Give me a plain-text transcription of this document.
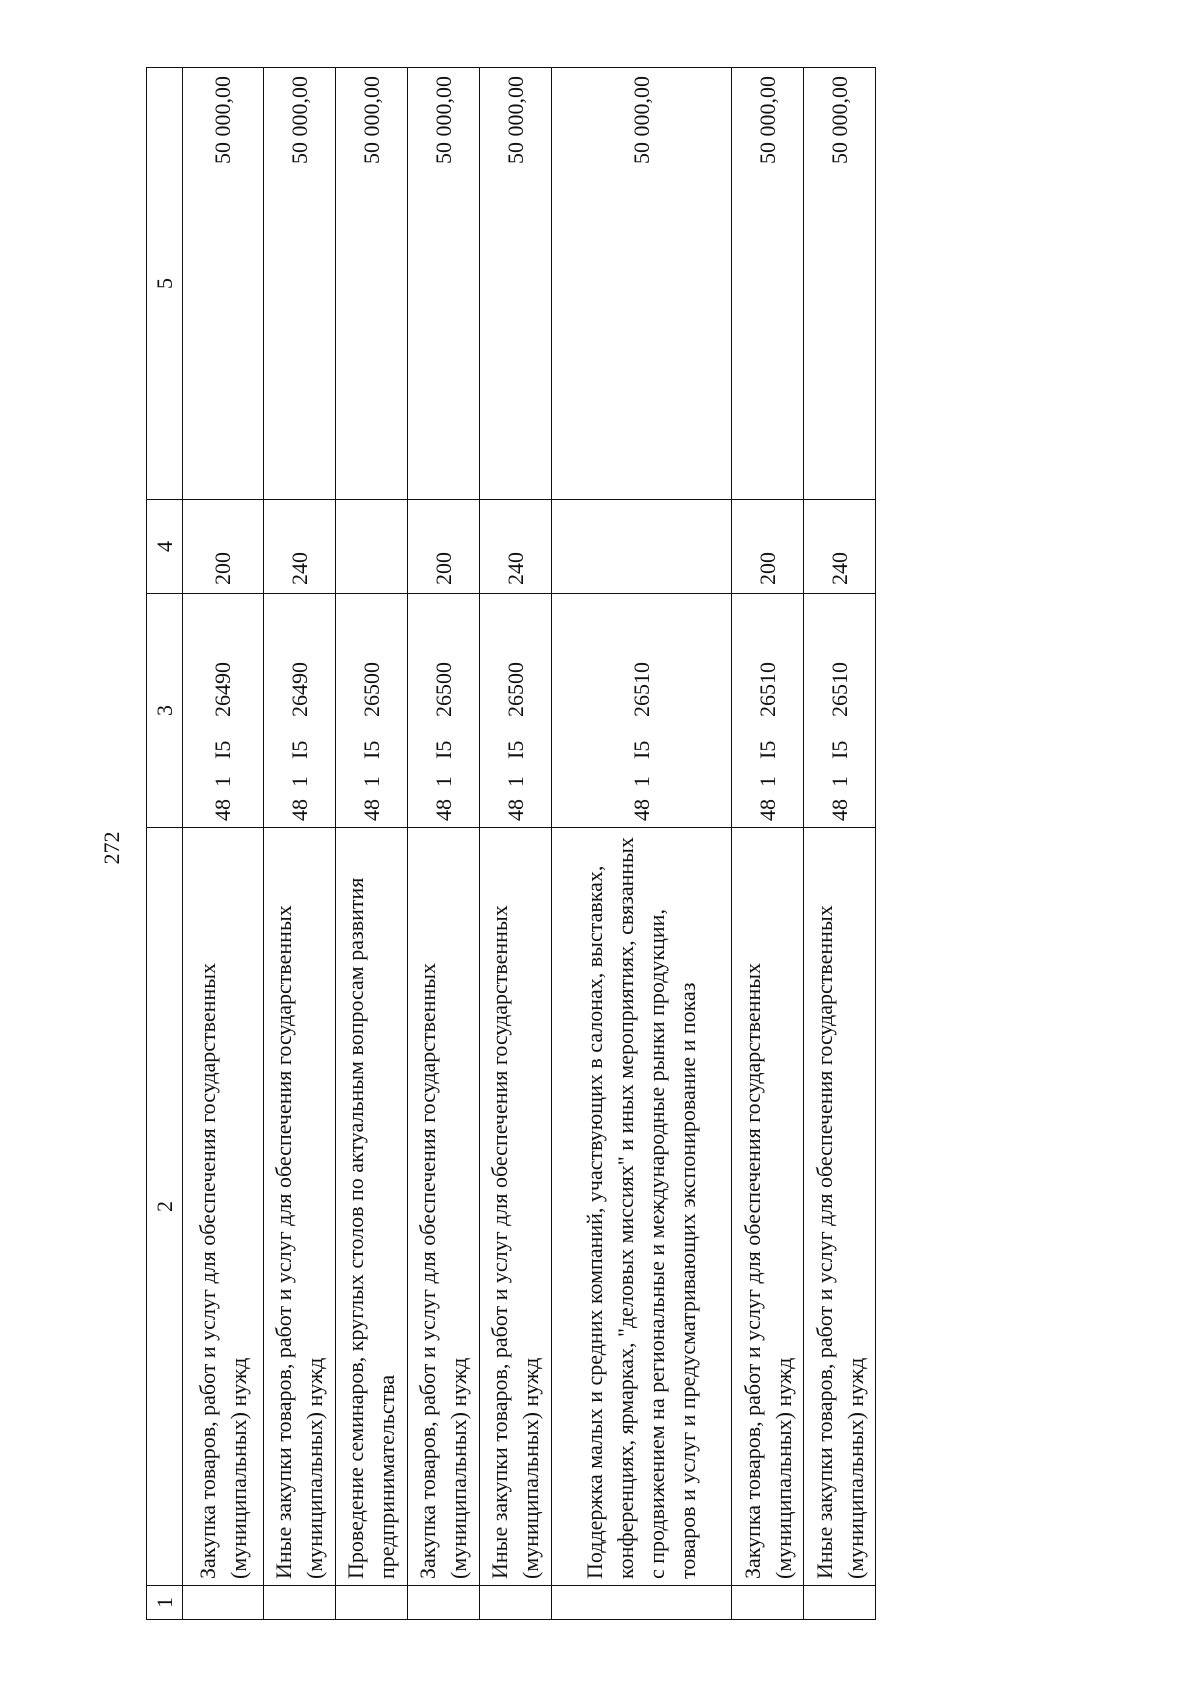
272
1	2	3	4	5
	Закупка товаров, работ и услуг для обеспечения государственных (муниципальных) нужд	481I526490	200	50 000,00
	Иные закупки товаров, работ и услуг для обеспечения государственных (муниципальных) нужд	481I526490	240	50 000,00
	Проведение семинаров, круглых столов по актуальным вопросам развития предпринимательства	481I526500		50 000,00
	Закупка товаров, работ и услуг для обеспечения государственных (муниципальных) нужд	481I526500	200	50 000,00
	Иные закупки товаров, работ и услуг для обеспечения государственных (муниципальных) нужд	481I526500	240	50 000,00
	Поддержка малых и средних компаний, участвующих в салонах, выставках, конференциях, ярмарках, "деловых миссиях" и иных мероприятиях, связанных с продвижением на региональные и международные рынки продукции, товаров и услуг и предусматривающих экспонирование и показ	481I526510		50 000,00
	Закупка товаров, работ и услуг для обеспечения государственных (муниципальных) нужд	481I526510	200	50 000,00
	Иные закупки товаров, работ и услуг для обеспечения государственных (муниципальных) нужд	481I526510	240	50 000,00
